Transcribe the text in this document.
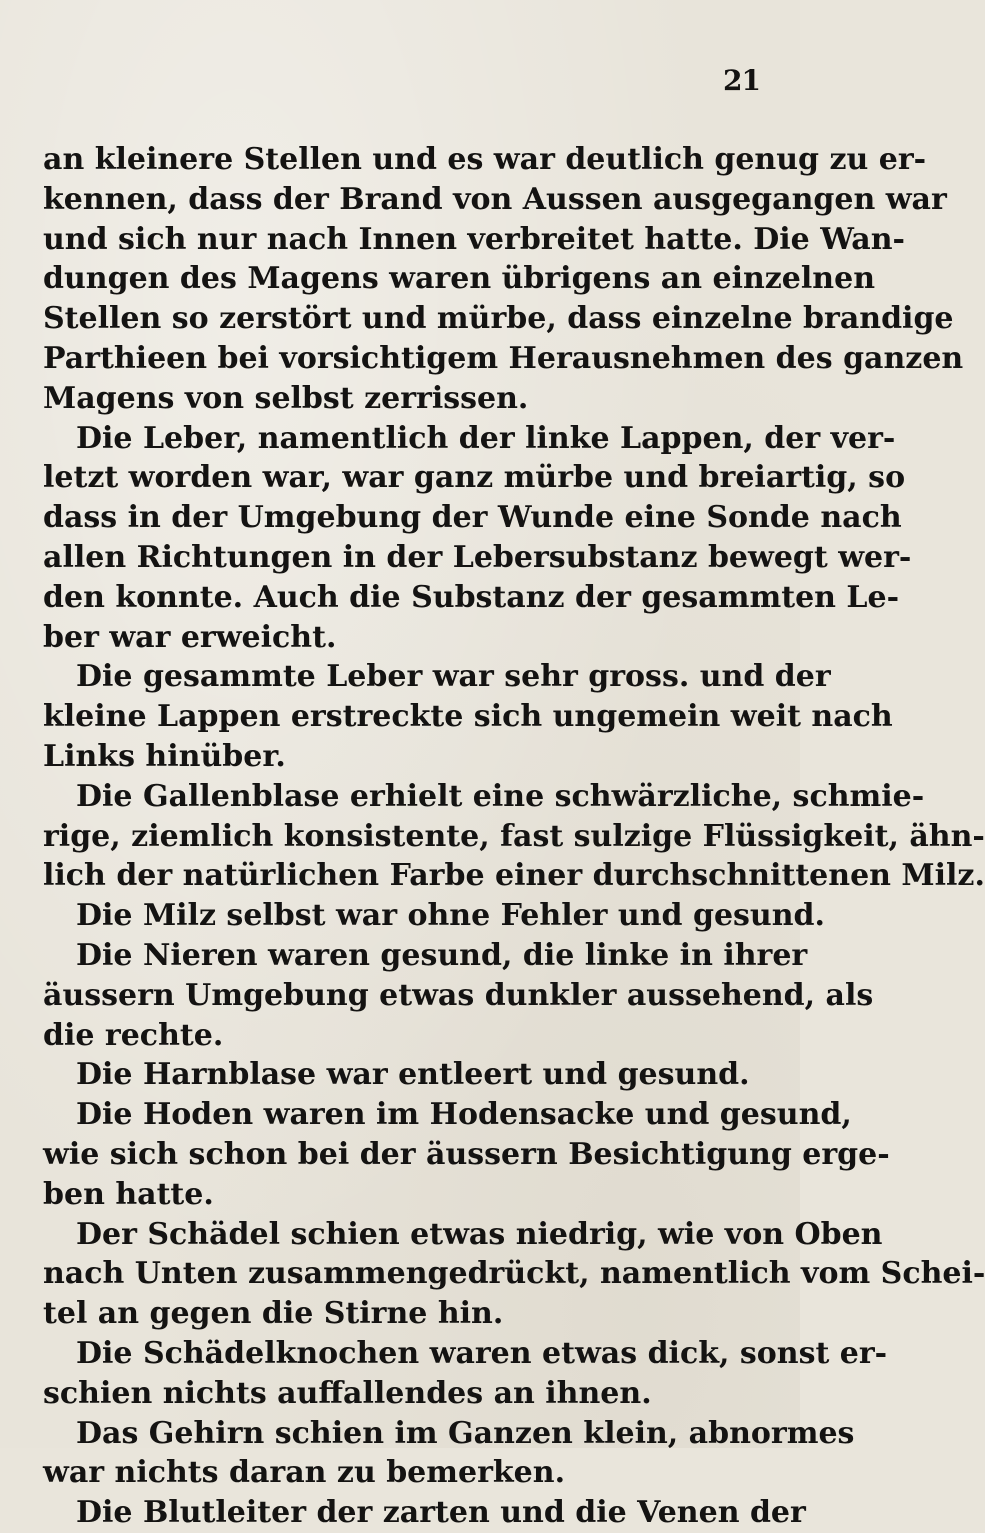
21
an kleinere Stellen und es war deutlich genug zu er-
kennen, dass der Brand von Aussen ausgegangen war
und sich nur nach Innen verbreitet hatte. Die Wan-
dungen des Magens waren übrigens an einzelnen
Stellen so zerstört und mürbe, dass einzelne brandige
Parthieen bei vorsichtigem Herausnehmen des ganzen
Magens von selbst zerrissen.
Die Leber, namentlich der linke Lappen, der ver-
letzt worden war, war ganz mürbe und breiartig, so
dass in der Umgebung der Wunde eine Sonde nach
allen Richtungen in der Lebersubstanz bewegt wer-
den konnte. Auch die Substanz der gesammten Le-
ber war erweicht.
Die gesammte Leber war sehr gross. und der
kleine Lappen erstreckte sich ungemein weit nach
Links hinüber.
Die Gallenblase erhielt eine schwärzliche, schmie-
rige, ziemlich konsistente, fast sulzige Flüssigkeit, ähn-
lich der natürlichen Farbe einer durchschnittenen Milz.
Die Milz selbst war ohne Fehler und gesund.
Die Nieren waren gesund, die linke in ihrer
äussern Umgebung etwas dunkler aussehend, als
die rechte.
Die Harnblase war entleert und gesund.
Die Hoden waren im Hodensacke und gesund,
wie sich schon bei der äussern Besichtigung erge-
ben hatte.
Der Schädel schien etwas niedrig, wie von Oben
nach Unten zusammengedrückt, namentlich vom Schei-
tel an gegen die Stirne hin.
Die Schädelknochen waren etwas dick, sonst er-
schien nichts auffallendes an ihnen.
Das Gehirn schien im Ganzen klein, abnormes
war nichts daran zu bemerken.
Die Blutleiter der zarten und die Venen der
